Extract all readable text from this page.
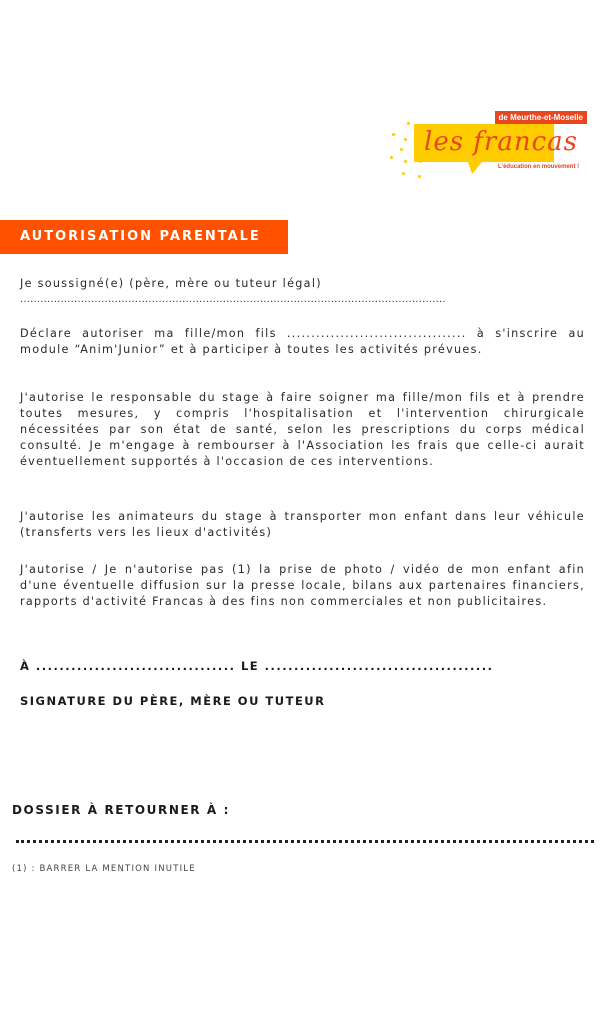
les francas
de Meurthe-et-Moselle
L'éducation en mouvement !
AUTORISATION PARENTALE
Je soussigné(e) (père, mère ou tuteur légal)
..............................................................................................................................
Déclare autoriser ma fille/mon fils ..................................... à s'inscrire au module “Anim'Junior” et à participer à toutes les activités prévues.
J'autorise le responsable du stage à faire soigner ma fille/mon fils et à prendre toutes mesures, y compris l'hospitalisation et l'intervention chirurgicale nécessitées par son état de santé, selon les prescriptions du corps médical consulté. Je m'engage à rembourser à l'Association les frais que celle-ci aurait éventuellement supportés à l'occasion de ces interventions.
J'autorise les animateurs du stage à transporter mon enfant dans leur véhicule (transferts vers les lieux d'activités)
J'autorise / Je n'autorise pas (1) la prise de photo / vidéo de mon enfant afin d'une éventuelle diffusion sur la presse locale, bilans aux partenaires financiers, rapports d'activité Francas à des fins non commerciales et non publicitaires.
À .................................. LE .......................................
SIGNATURE DU PÈRE, MÈRE OU TUTEUR
DOSSIER À RETOURNER À :
(1) : BARRER LA MENTION INUTILE
